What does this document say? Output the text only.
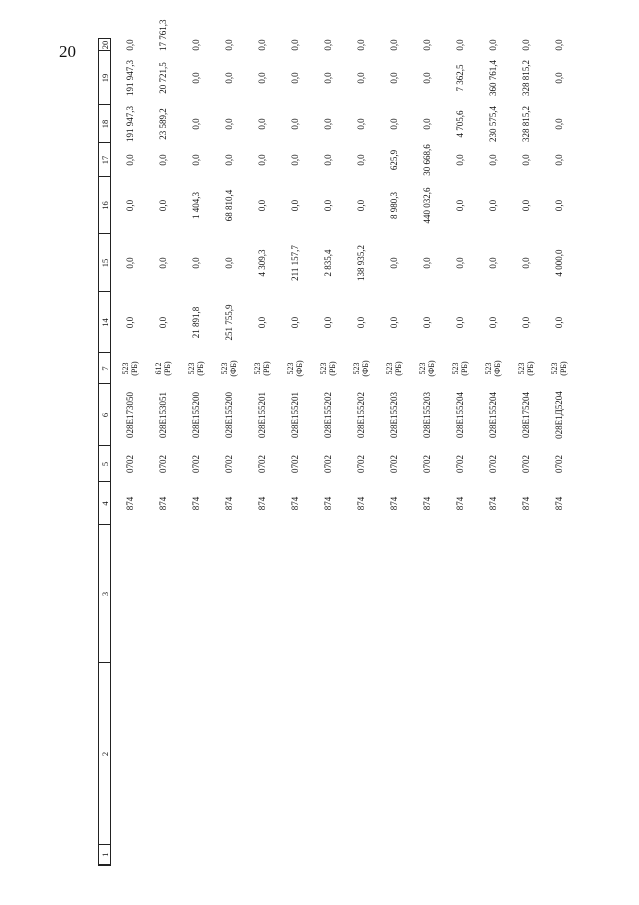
20
1	2	3	4	5	6	7	14	15	16	17	18	19	20
			874	0702	028E173050	523
(РБ)	0,0	0,0	0,0	0,0	191 947,3	191 947,3	0,0
			874	0702	028E153051	612
(РБ)	0,0	0,0	0,0	0,0	23 589,2	20 721,5	17 761,3
			874	0702	028E155200	523
(РБ)	21 891,8	0,0	1 404,3	0,0	0,0	0,0	0,0
			874	0702	028E155200	523
(ФБ)	251 755,9	0,0	68 810,4	0,0	0,0	0,0	0,0
			874	0702	028E155201	523
(РБ)	0,0	4 309,3	0,0	0,0	0,0	0,0	0,0
			874	0702	028E155201	523
(ФБ)	0,0	211 157,7	0,0	0,0	0,0	0,0	0,0
			874	0702	028E155202	523
(РБ)	0,0	2 835,4	0,0	0,0	0,0	0,0	0,0
			874	0702	028E155202	523
(ФБ)	0,0	138 935,2	0,0	0,0	0,0	0,0	0,0
			874	0702	028E155203	523
(РБ)	0,0	0,0	8 980,3	625,9	0,0	0,0	0,0
			874	0702	028E155203	523
(ФБ)	0,0	0,0	440 032,6	30 668,6	0,0	0,0	0,0
			874	0702	028E155204	523
(РБ)	0,0	0,0	0,0	0,0	4 705,6	7 362,5	0,0
			874	0702	028E155204	523
(ФБ)	0,0	0,0	0,0	0,0	230 575,4	360 761,4	0,0
			874	0702	028E175204	523
(РБ)	0,0	0,0	0,0	0,0	328 815,2	328 815,2	0,0
			874	0702	028E1Д5204	523
(РБ)	0,0	4 000,0	0,0	0,0	0,0	0,0	0,0
